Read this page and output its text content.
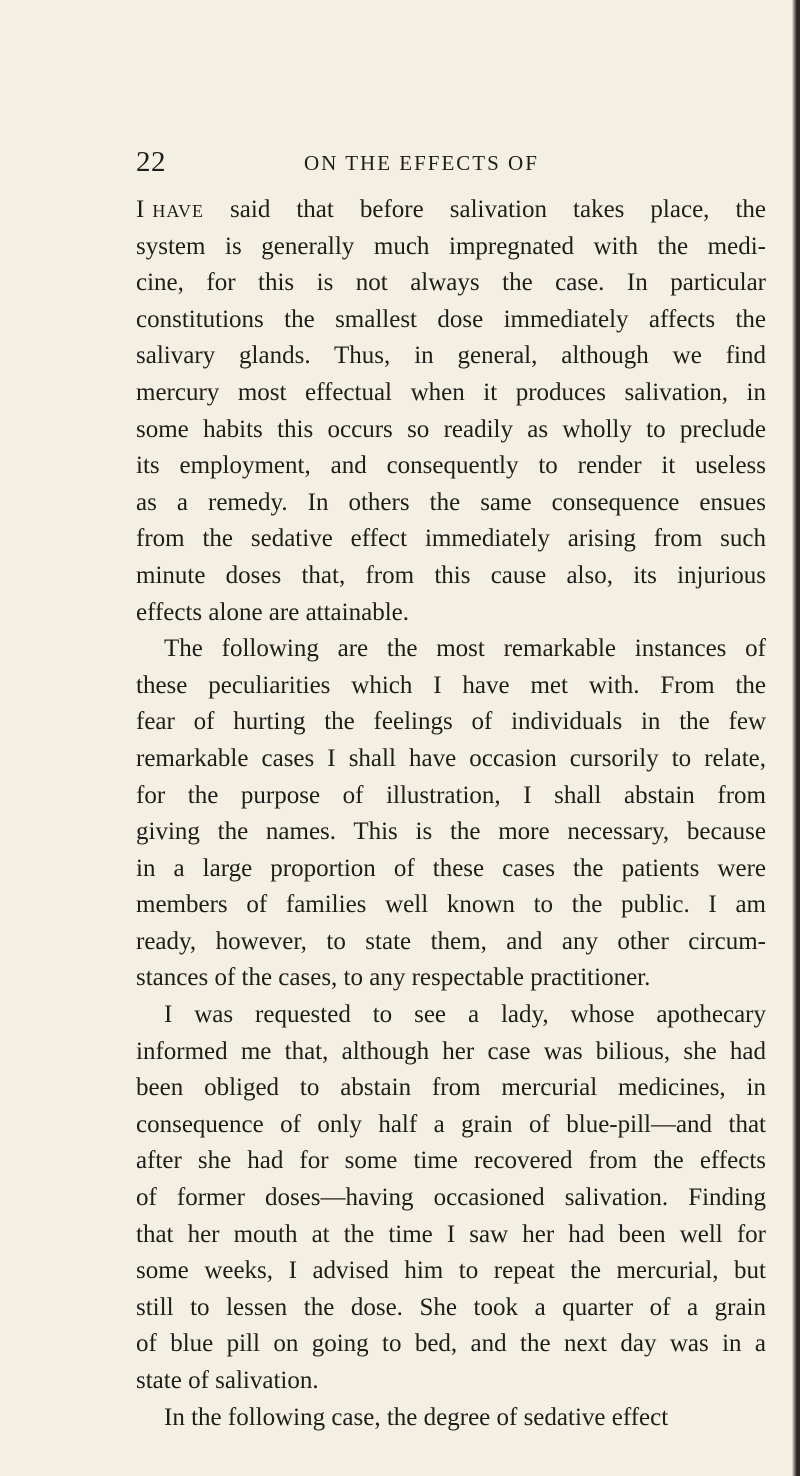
22	ON THE EFFECTS OF
I have said that before salivation takes place, the
system is generally much impregnated with the medi-
cine, for this is not always the case. In particular
constitutions the smallest dose immediately affects the
salivary glands. Thus, in general, although we find
mercury most effectual when it produces salivation, in
some habits this occurs so readily as wholly to preclude
its employment, and consequently to render it useless
as a remedy. In others the same consequence ensues
from the sedative effect immediately arising from such
minute doses that, from this cause also, its injurious
effects alone are attainable.
The following are the most remarkable instances of
these peculiarities which I have met with. From the
fear of hurting the feelings of individuals in the few
remarkable cases I shall have occasion cursorily to relate,
for the purpose of illustration, I shall abstain from
giving the names. This is the more necessary, because
in a large proportion of these cases the patients were
members of families well known to the public. I am
ready, however, to state them, and any other circum-
stances of the cases, to any respectable practitioner.
I was requested to see a lady, whose apothecary
informed me that, although her case was bilious, she had
been obliged to abstain from mercurial medicines, in
consequence of only half a grain of blue-pill—and that
after she had for some time recovered from the effects
of former doses—having occasioned salivation. Finding
that her mouth at the time I saw her had been well for
some weeks, I advised him to repeat the mercurial, but
still to lessen the dose. She took a quarter of a grain
of blue pill on going to bed, and the next day was in a
state of salivation.
In the following case, the degree of sedative effect
